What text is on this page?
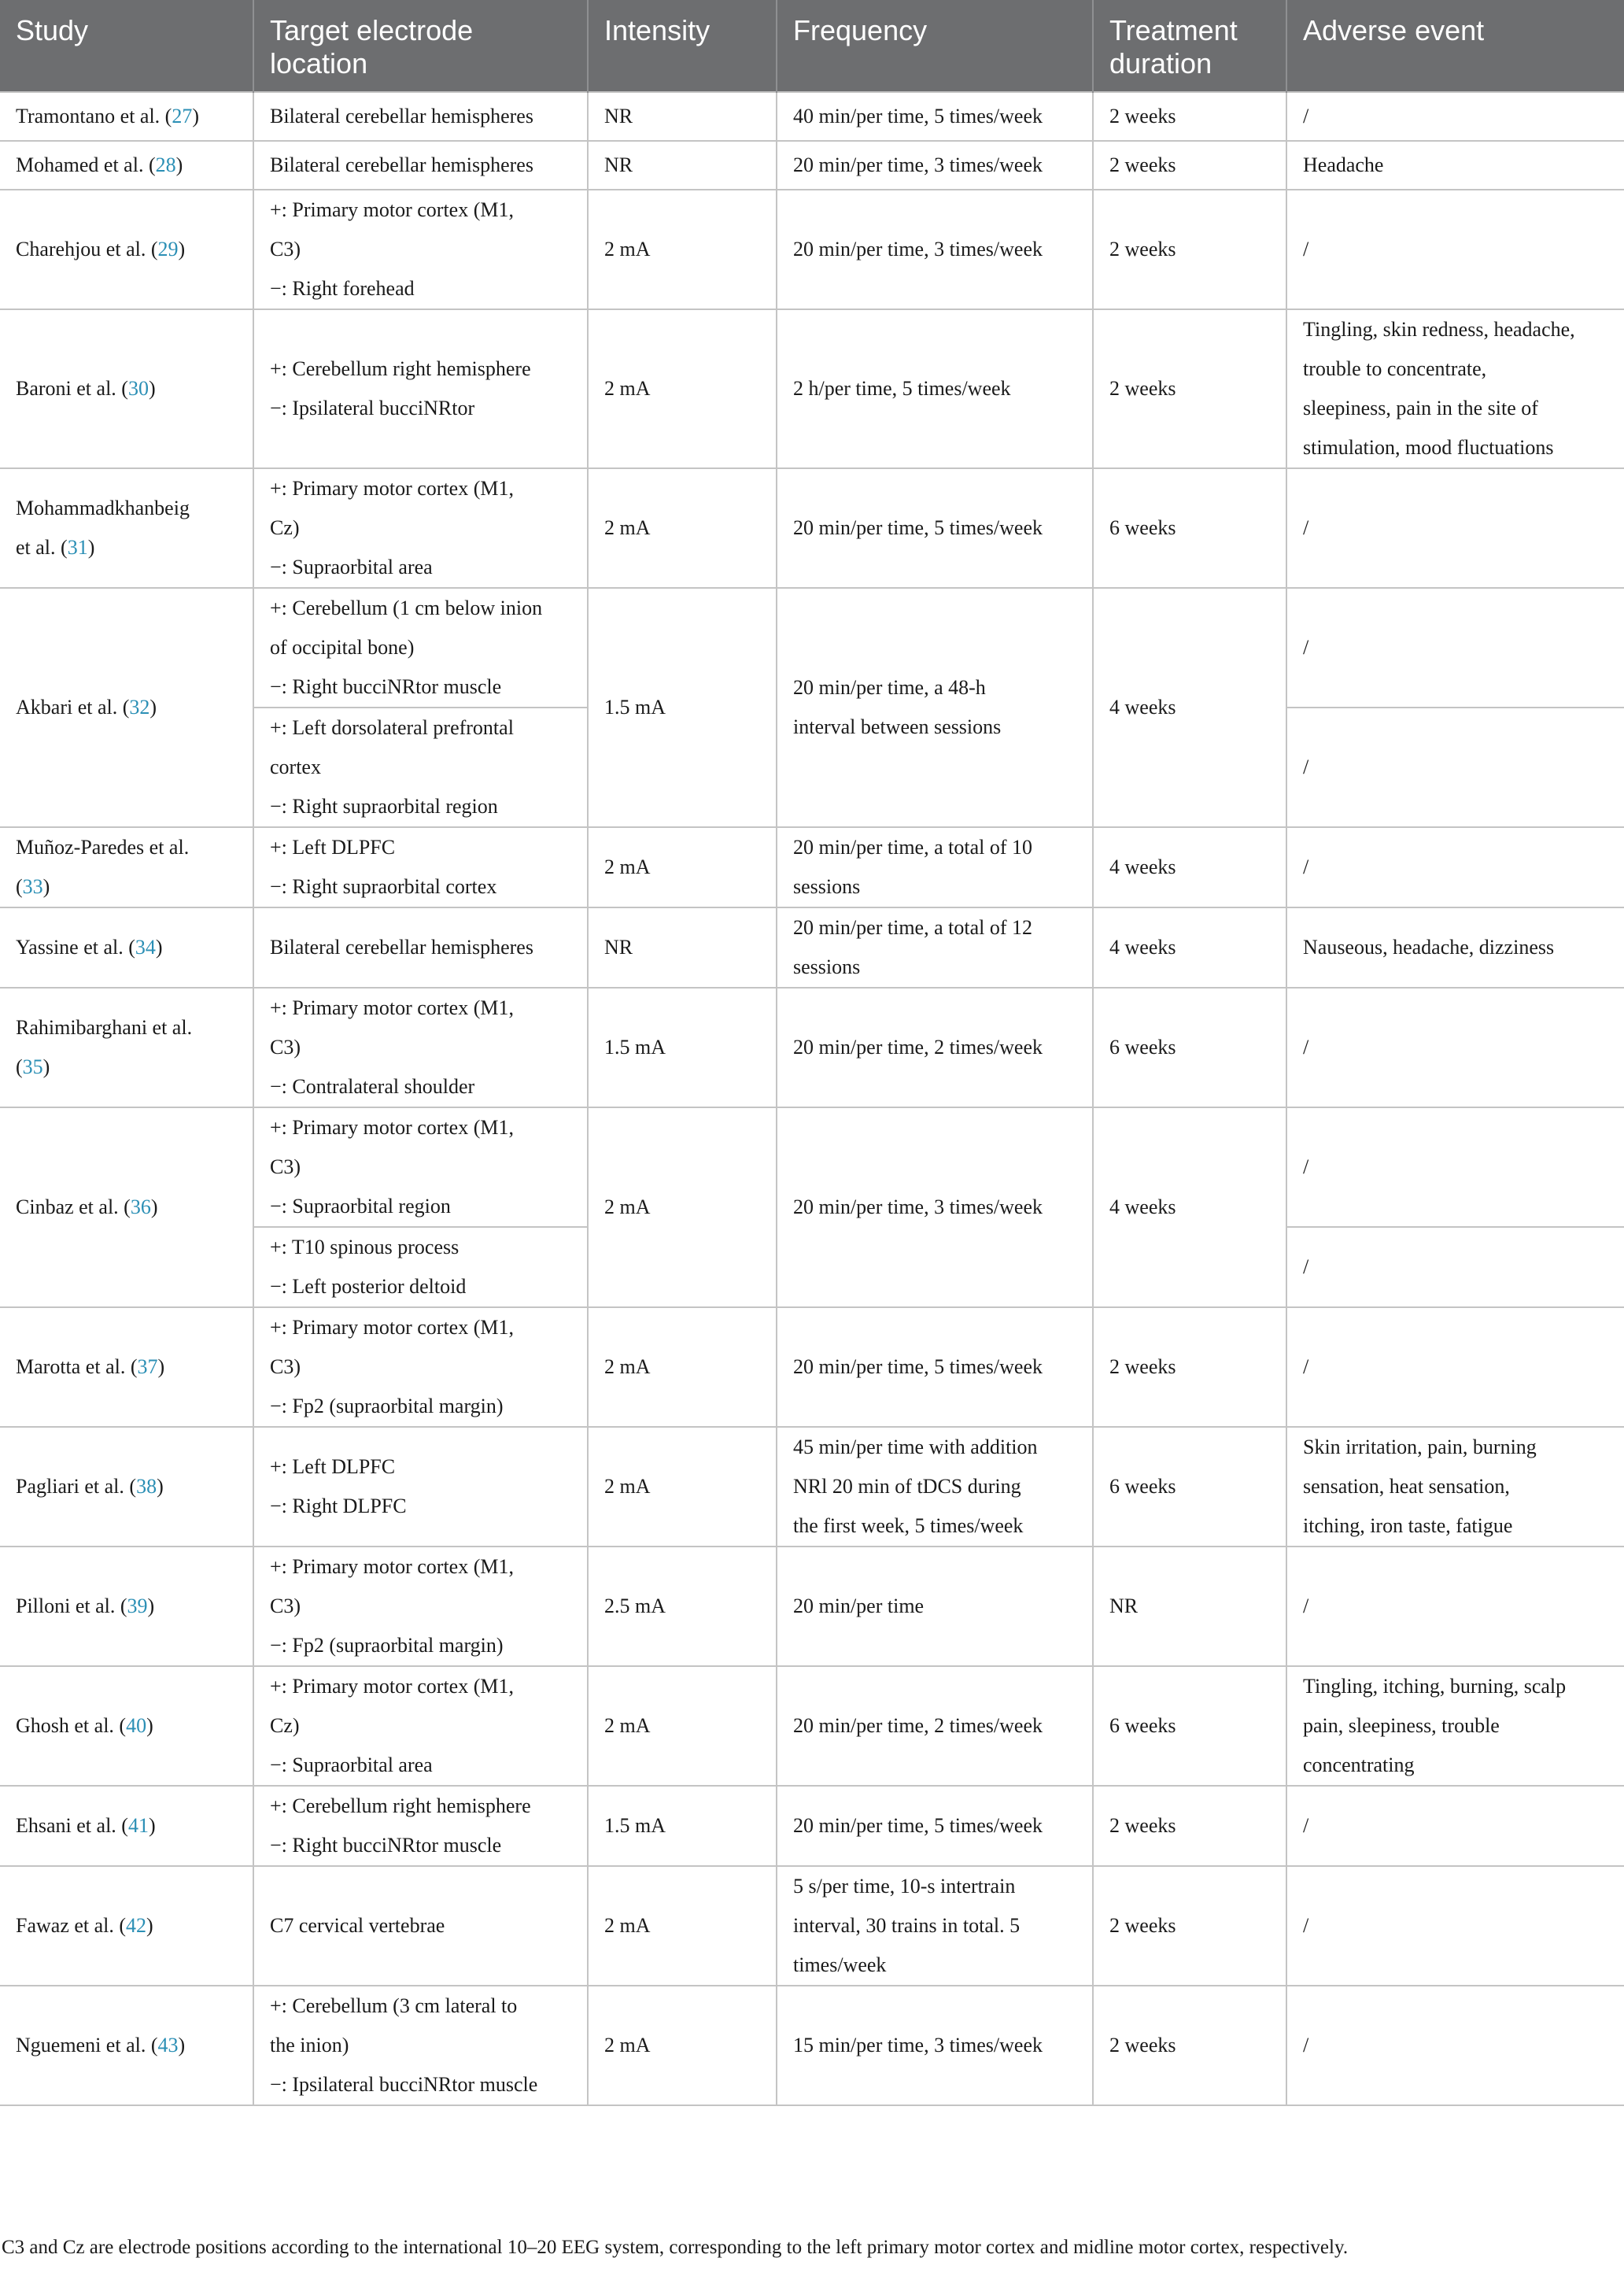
Study	Target electrode location	Intensity	Frequency	Treatment duration	Adverse event
Tramontano et al. (27)	Bilateral cerebellar hemispheres	NR	40 min/per time, 5 times/week	2 weeks	/

Mohamed et al. (28)	Bilateral cerebellar hemispheres	NR	20 min/per time, 3 times/week	2 weeks	Headache

Charehjou et al. (29)	+: Primary motor cortex (M1,
C3)
−: Right forehead	2 mA	20 min/per time, 3 times/week	2 weeks	/

Baroni et al. (30)	+: Cerebellum right hemisphere
−: Ipsilateral bucciNRtor	2 mA	2 h/per time, 5 times/week	2 weeks	Tingling, skin redness, headache,
trouble to concentrate,
sleepiness, pain in the site of
stimulation, mood fluctuations

Mohammadkhanbeig
et al. (31)	+: Primary motor cortex (M1,
Cz)
−: Supraorbital area	2 mA	20 min/per time, 5 times/week	6 weeks	/

Akbari et al. (32)	+: Cerebellum (1 cm below inion
of occipital bone)
−: Right bucciNRtor muscle	1.5 mA	20 min/per time, a 48-h
interval between sessions	4 weeks	/

	+: Left dorsolateral prefrontal
cortex
−: Right supraorbital region				/

Muñoz-Paredes et al.
(33)	+: Left DLPFC
−: Right supraorbital cortex	2 mA	20 min/per time, a total of 10
sessions	4 weeks	/

Yassine et al. (34)	Bilateral cerebellar hemispheres	NR	20 min/per time, a total of 12
sessions	4 weeks	Nauseous, headache, dizziness

Rahimibarghani et al.
(35)	+: Primary motor cortex (M1,
C3)
−: Contralateral shoulder	1.5 mA	20 min/per time, 2 times/week	6 weeks	/

Cinbaz et al. (36)	+: Primary motor cortex (M1,
C3)
−: Supraorbital region	2 mA	20 min/per time, 3 times/week	4 weeks	/

	+: T10 spinous process
−: Left posterior deltoid				/

Marotta et al. (37)	+: Primary motor cortex (M1,
C3)
−: Fp2 (supraorbital margin)	2 mA	20 min/per time, 5 times/week	2 weeks	/

Pagliari et al. (38)	+: Left DLPFC
−: Right DLPFC	2 mA	45 min/per time with addition
NRl 20 min of tDCS during
the first week, 5 times/week	6 weeks	Skin irritation, pain, burning
sensation, heat sensation,
itching, iron taste, fatigue

Pilloni et al. (39)	+: Primary motor cortex (M1,
C3)
−: Fp2 (supraorbital margin)	2.5 mA	20 min/per time	NR	/

Ghosh et al. (40)	+: Primary motor cortex (M1,
Cz)
−: Supraorbital area	2 mA	20 min/per time, 2 times/week	6 weeks	Tingling, itching, burning, scalp
pain, sleepiness, trouble
concentrating

Ehsani et al. (41)	+: Cerebellum right hemisphere
−: Right bucciNRtor muscle	1.5 mA	20 min/per time, 5 times/week	2 weeks	/

Fawaz et al. (42)	C7 cervical vertebrae	2 mA	5 s/per time, 10-s intertrain
interval, 30 trains in total. 5
times/week	2 weeks	/

Nguemeni et al. (43)	+: Cerebellum (3 cm lateral to
the inion)
−: Ipsilateral bucciNRtor muscle	2 mA	15 min/per time, 3 times/week	2 weeks	/
C3 and Cz are electrode positions according to the international 10–20 EEG system, corresponding to the left primary motor cortex and midline motor cortex, respectively.
